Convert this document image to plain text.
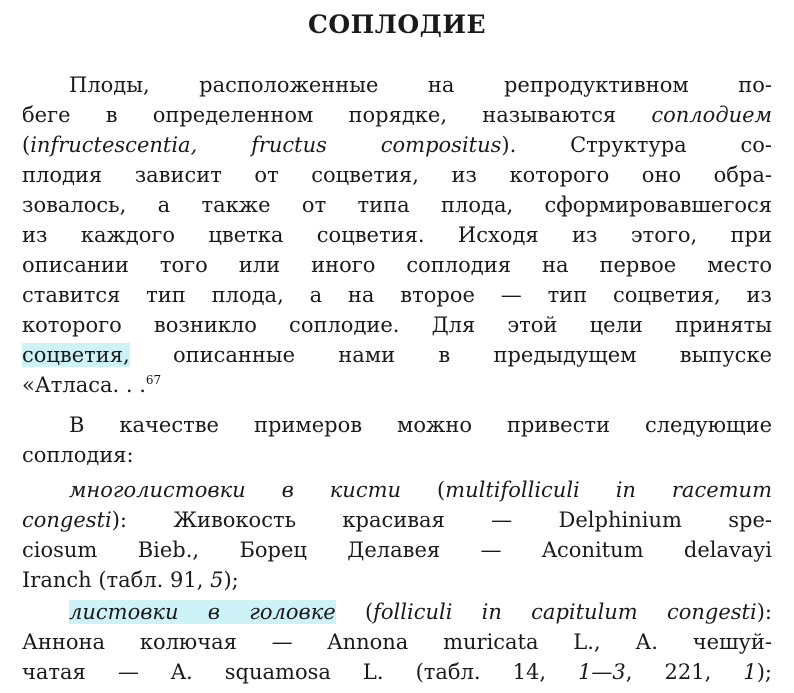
СОПЛОДИЕ
Плоды, расположенные на репродуктивном по-
беге в определенном порядке, называются соплодием
(infructescentia, fructus compositus). Структура со-
плодия зависит от соцветия, из которого оно обра-
зовалось, а также от типа плода, сформировавшегося
из каждого цветка соцветия. Исходя из этого, при
описании того или иного соплодия на первое место
ставится тип плода, а на второе — тип соцветия, из
которого возникло соплодие. Для этой цели приняты
соцветия, описанные нами в предыдущем выпуске
«Атласа. . .$^{67}$
В качестве примеров можно привести следующие
соплодия:
многолистовки в кисти (multifolliculi in racemum
congesti): Живокость красивая — Delphinium spe-
ciosum Bieb., Борец Делавея — Aconitum delavayi
Iranch (табл. 91, 5);
листовки в головке (folliculi in capitulum congesti):
Аннона колючая — Annona muricata L., А. чешуй-
чатая — A. squamosa L. (табл. 14, 1—3, 221, 1);
